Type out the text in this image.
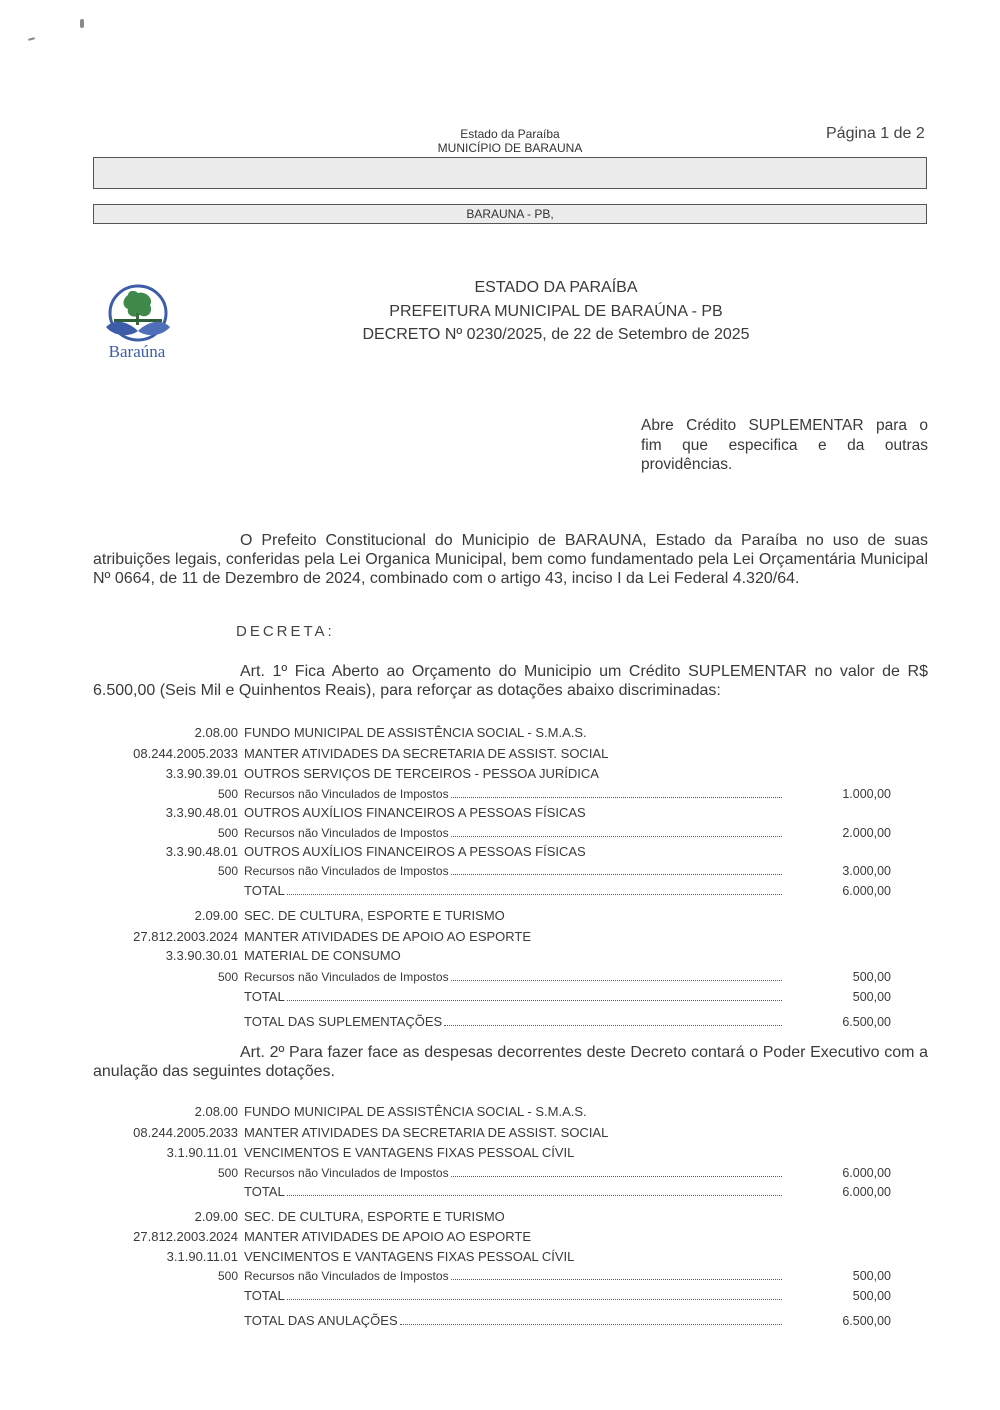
Estado da Paraíba
MUNICÍPIO DE BARAUNA
Página 1 de 2
BARAUNA - PB,
Baraúna
ESTADO DA PARAÍBA
PREFEITURA MUNICIPAL DE BARAÚNA - PB
DECRETO Nº 0230/2025, de 22 de Setembro de 2025
Abre Crédito SUPLEMENTAR para o
fim que especifica e da outras
providências.

O Prefeito Constitucional do Municipio de BARAUNA, Estado da Paraíba no uso de suas atribuições legais, conferidas pela Lei Organica Municipal, bem como fundamentado pela Lei Orçamentária Municipal Nº 0664, de 11 de Dezembro de 2024, combinado com o artigo 43, inciso I da Lei Federal 4.320/64.

DECRETA:

Art. 1º Fica Aberto ao Orçamento do Municipio um Crédito SUPLEMENTAR no valor de R$ 6.500,00 (Seis Mil e Quinhentos Reais), para reforçar as dotações abaixo discriminadas:

2.08.00 FUNDO MUNICIPAL DE ASSISTÊNCIA SOCIAL - S.M.A.S.
08.244.2005.2033 MANTER ATIVIDADES DA SECRETARIA DE ASSIST. SOCIAL
3.3.90.39.01 OUTROS SERVIÇOS DE TERCEIROS - PESSOA JURÍDICA
500 Recursos não Vinculados de Impostos	1.000,00
3.3.90.48.01 OUTROS AUXÍLIOS FINANCEIROS A PESSOAS FÍSICAS
500 Recursos não Vinculados de Impostos	2.000,00
3.3.90.48.01 OUTROS AUXÍLIOS FINANCEIROS A PESSOAS FÍSICAS
500 Recursos não Vinculados de Impostos	3.000,00
TOTAL	6.000,00
2.09.00 SEC. DE CULTURA, ESPORTE E TURISMO
27.812.2003.2024 MANTER ATIVIDADES DE APOIO AO ESPORTE
3.3.90.30.01 MATERIAL DE CONSUMO
500 Recursos não Vinculados de Impostos	500,00
TOTAL	500,00
TOTAL DAS SUPLEMENTAÇÕES	6.500,00

Art. 2º Para fazer face as despesas decorrentes deste Decreto contará o Poder Executivo com a anulação das seguintes dotações.

2.08.00 FUNDO MUNICIPAL DE ASSISTÊNCIA SOCIAL - S.M.A.S.
08.244.2005.2033 MANTER ATIVIDADES DA SECRETARIA DE ASSIST. SOCIAL
3.1.90.11.01 VENCIMENTOS E VANTAGENS FIXAS PESSOAL CÍVIL
500 Recursos não Vinculados de Impostos	6.000,00
TOTAL	6.000,00
2.09.00 SEC. DE CULTURA, ESPORTE E TURISMO
27.812.2003.2024 MANTER ATIVIDADES DE APOIO AO ESPORTE
3.1.90.11.01 VENCIMENTOS E VANTAGENS FIXAS PESSOAL CÍVIL
500 Recursos não Vinculados de Impostos	500,00
TOTAL	500,00
TOTAL DAS ANULAÇÕES	6.500,00
